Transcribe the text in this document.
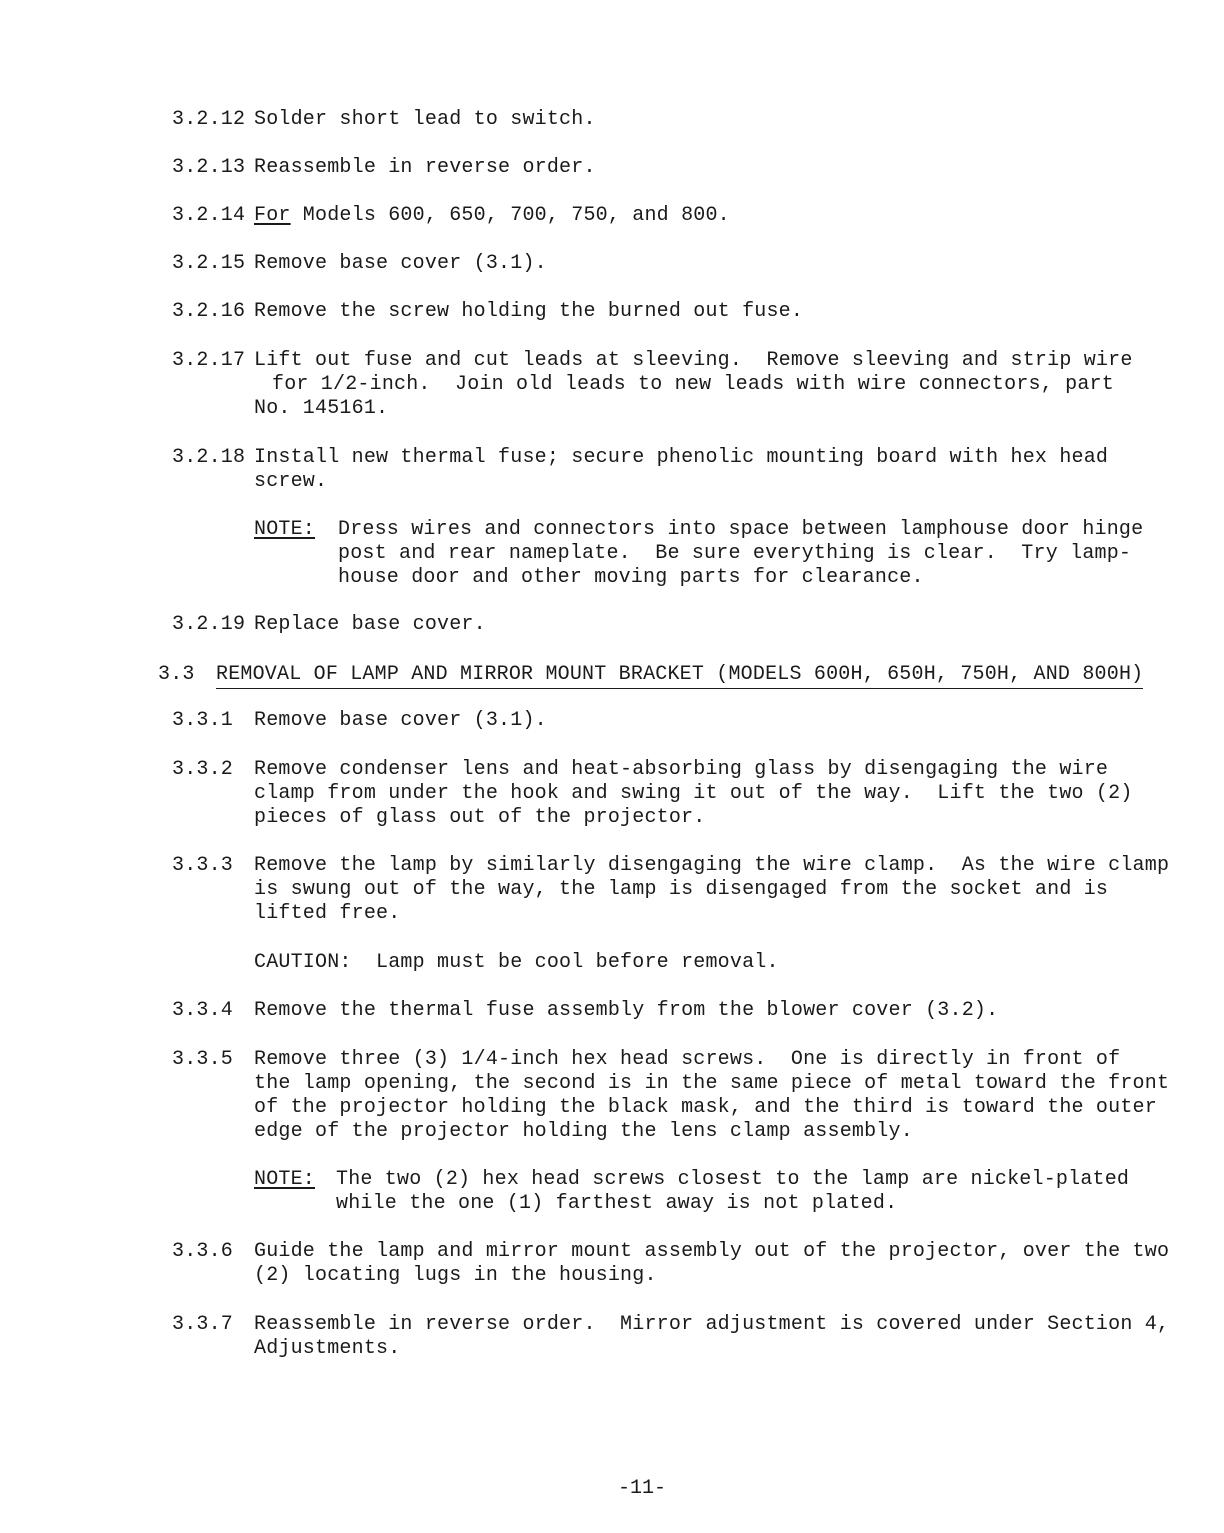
3.2.12 Solder short lead to switch.
3.2.13 Reassemble in reverse order.
3.2.14 For Models 600, 650, 700, 750, and 800.
3.2.15 Remove base cover (3.1).
3.2.16 Remove the screw holding the burned out fuse.
3.2.17 Lift out fuse and cut leads at sleeving.  Remove sleeving and strip wire
for 1/2-inch.  Join old leads to new leads with wire connectors, part
No. 145161.
3.2.18 Install new thermal fuse; secure phenolic mounting board with hex head
screw.
NOTE: Dress wires and connectors into space between lamphouse door hinge
post and rear nameplate.  Be sure everything is clear.  Try lamp-
house door and other moving parts for clearance.
3.2.19 Replace base cover.
3.3 REMOVAL OF LAMP AND MIRROR MOUNT BRACKET (MODELS 600H, 650H, 750H, AND 800H)
3.3.1 Remove base cover (3.1).
3.3.2 Remove condenser lens and heat-absorbing glass by disengaging the wire
clamp from under the hook and swing it out of the way.  Lift the two (2)
pieces of glass out of the projector.
3.3.3 Remove the lamp by similarly disengaging the wire clamp.  As the wire clamp
is swung out of the way, the lamp is disengaged from the socket and is
lifted free.
CAUTION:  Lamp must be cool before removal.
3.3.4 Remove the thermal fuse assembly from the blower cover (3.2).
3.3.5 Remove three (3) 1/4-inch hex head screws.  One is directly in front of
the lamp opening, the second is in the same piece of metal toward the front
of the projector holding the black mask, and the third is toward the outer
edge of the projector holding the lens clamp assembly.
NOTE: The two (2) hex head screws closest to the lamp are nickel-plated
while the one (1) farthest away is not plated.
3.3.6 Guide the lamp and mirror mount assembly out of the projector, over the two
(2) locating lugs in the housing.
3.3.7 Reassemble in reverse order.  Mirror adjustment is covered under Section 4,
Adjustments.
-11-
